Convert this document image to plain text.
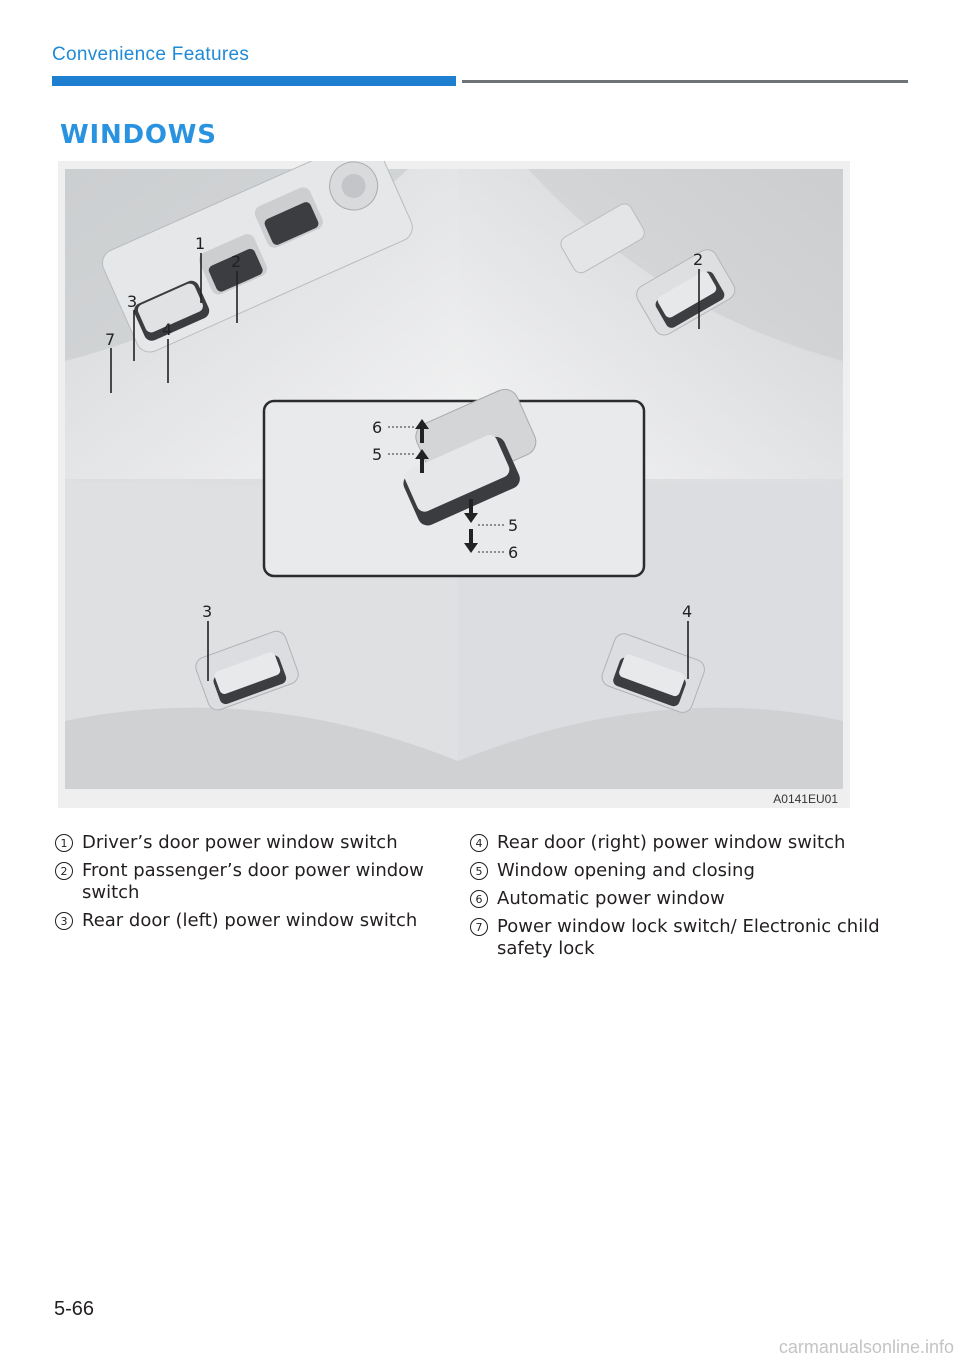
Convenience Features
WINDOWS
1
2
3
4
7
2
3	4
6
5
5
6
A0141EU01
1 Driver’s door power window switch
2 Front passenger’s door power window switch
3 Rear door (left) power window switch
4 Rear door (right) power window switch
5 Window opening and closing
6 Automatic power window
7 Power window lock switch/ Electronic child safety lock
5-66
carmanualsonline.info
